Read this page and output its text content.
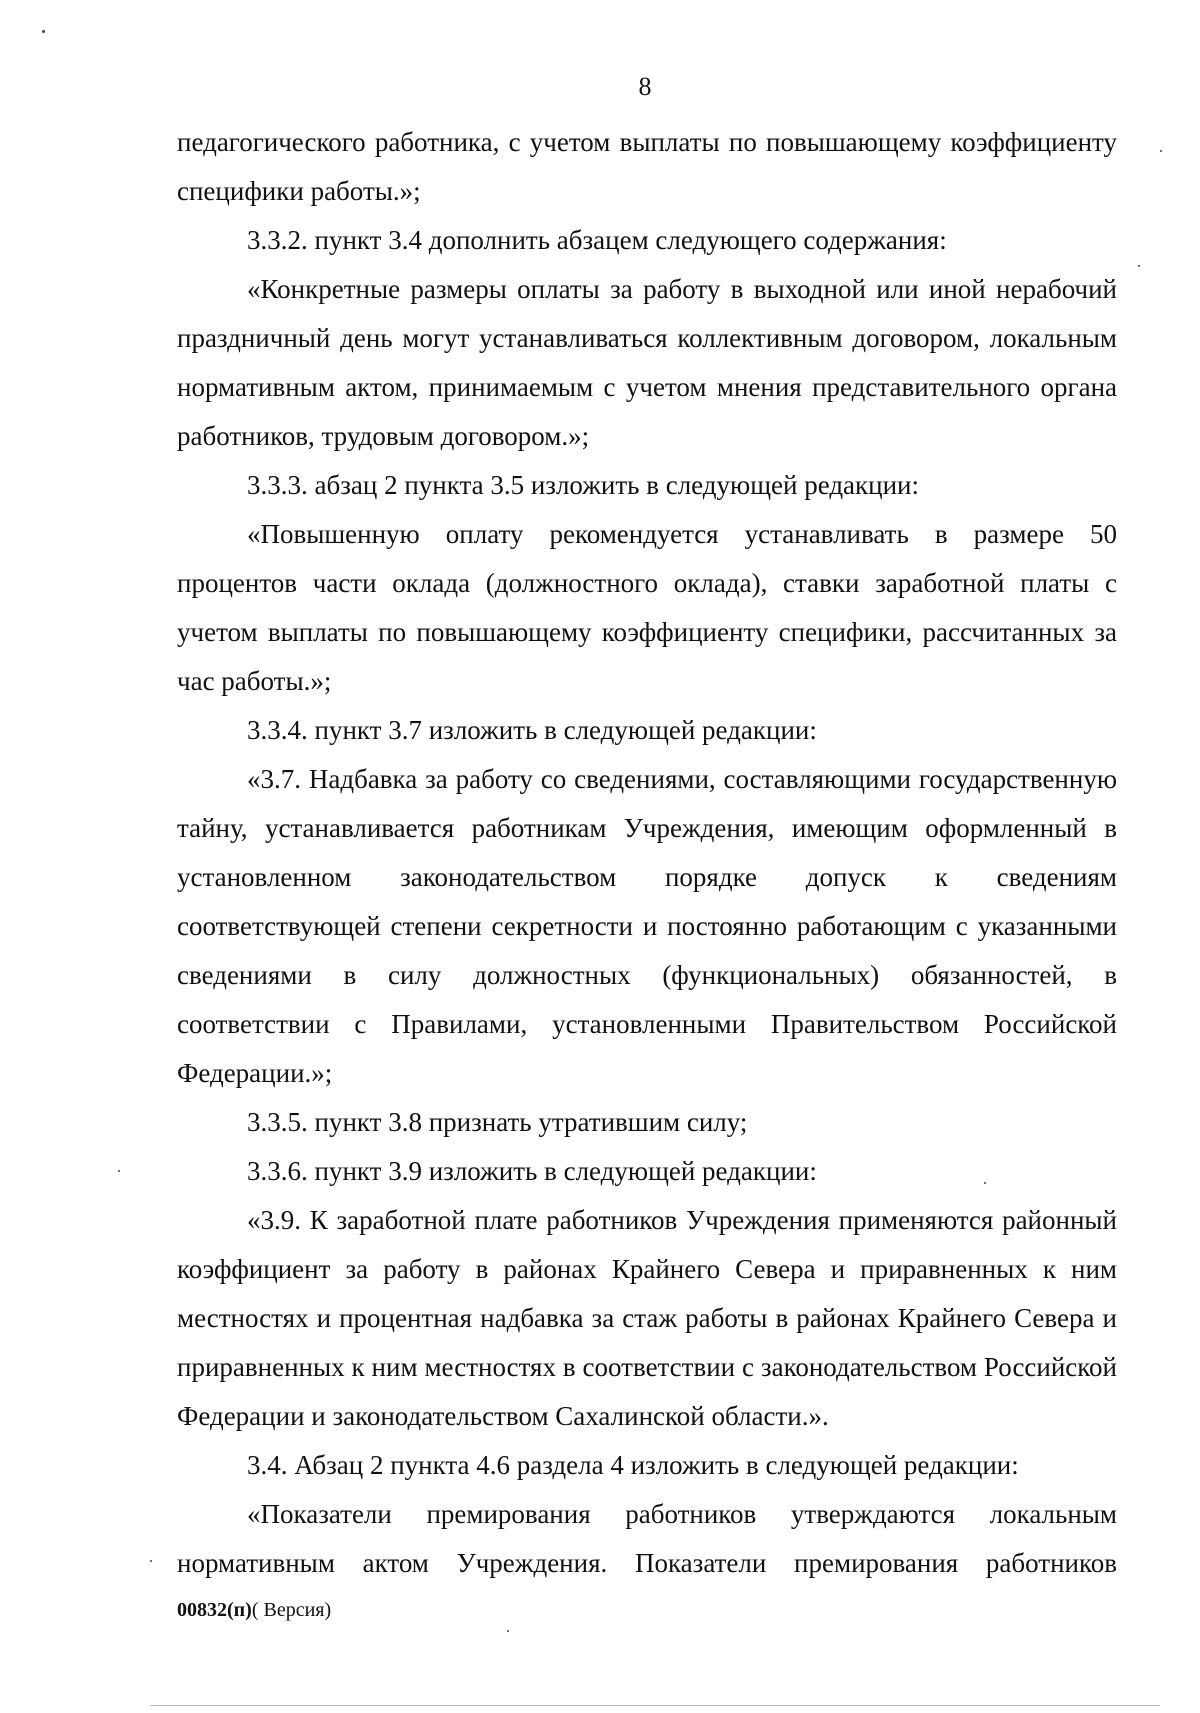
8

педагогического работника, с учетом выплаты по повышающему коэффициенту специфики работы.»;

3.3.2. пункт 3.4 дополнить абзацем следующего содержания:

«Конкретные размеры оплаты за работу в выходной или иной нерабочий праздничный день могут устанавливаться коллективным договором, локальным нормативным актом, принимаемым с учетом мнения представительного органа работников, трудовым договором.»;

3.3.3. абзац 2 пункта 3.5 изложить в следующей редакции:

«Повышенную оплату рекомендуется устанавливать в размере 50 процентов части оклада (должностного оклада), ставки заработной платы с учетом выплаты по повышающему коэффициенту специфики, рассчитанных за час работы.»;

3.3.4. пункт 3.7 изложить в следующей редакции:

«3.7. Надбавка за работу со сведениями, составляющими государственную тайну, устанавливается работникам Учреждения, имеющим оформленный в установленном законодательством порядке допуск к сведениям соответствующей степени секретности и постоянно работающим с указанными сведениями в силу должностных (функциональных) обязанностей, в соответствии с Правилами, установленными Правительством Российской Федерации.»;

3.3.5. пункт 3.8 признать утратившим силу;

3.3.6. пункт 3.9 изложить в следующей редакции:

«3.9. К заработной плате работников Учреждения применяются районный коэффициент за работу в районах Крайнего Севера и приравненных к ним местностях и процентная надбавка за стаж работы в районах Крайнего Севера и приравненных к ним местностях в соответствии с законодательством Российской Федерации и законодательством Сахалинской области.».

3.4. Абзац 2 пункта 4.6 раздела 4 изложить в следующей редакции:

«Показатели премирования работников утверждаются локальным нормативным актом Учреждения. Показатели премирования работников

00832(п)( Версия)
